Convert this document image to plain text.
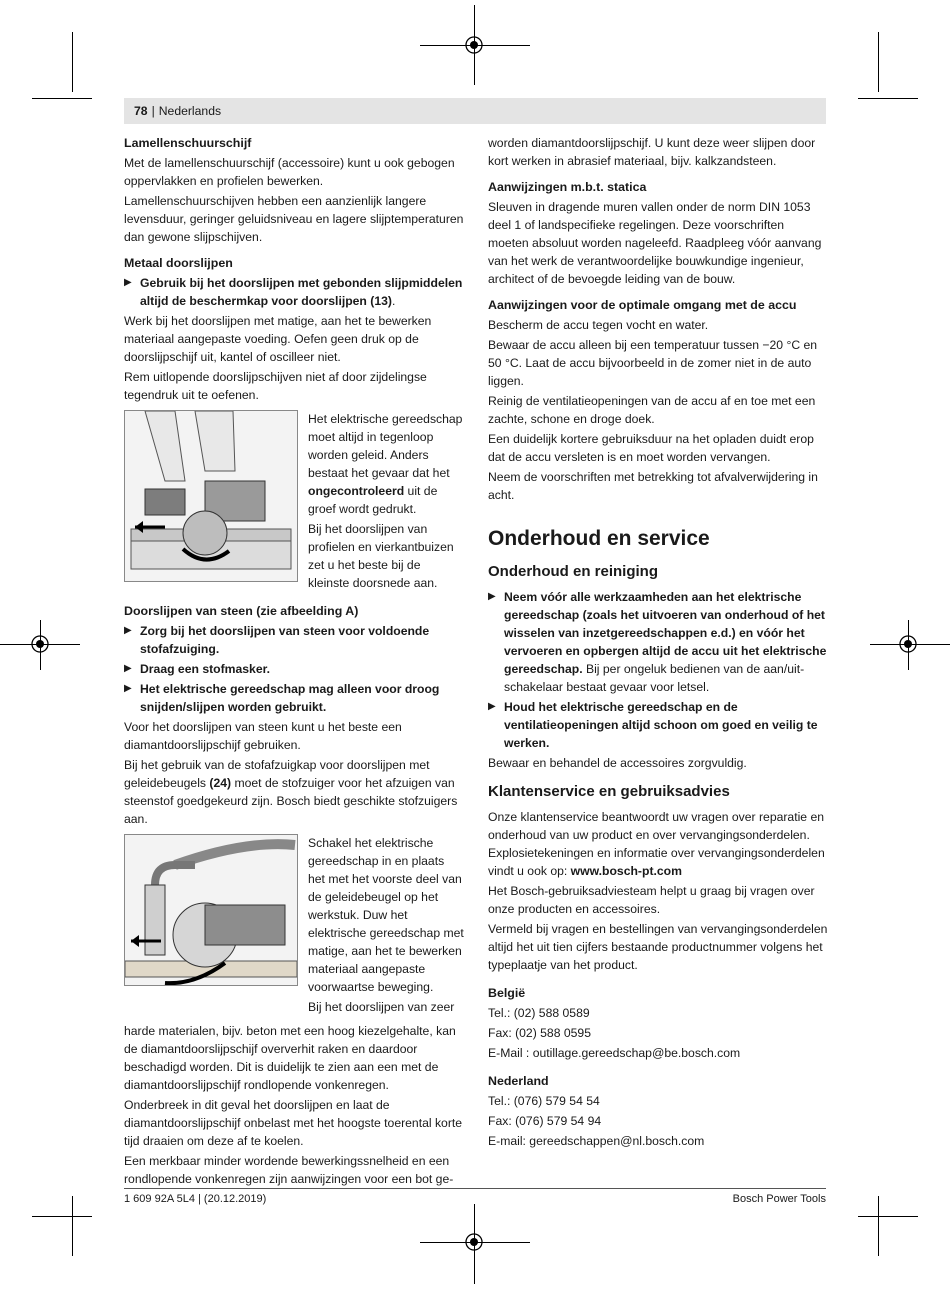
78 | Nederlands
Lamellenschuurschijf

Met de lamellenschuurschijf (accessoire) kunt u ook gebogen oppervlakken en profielen bewerken.

Lamellenschuurschijven hebben een aanzienlijk langere levensduur, geringer geluidsniveau en lagere slijptemperaturen dan gewone slijpschijven.

Metaal doorslijpen
▶ Gebruik bij het doorslijpen met gebonden slijpmiddelen altijd de beschermkap voor doorslijpen (13).

Werk bij het doorslijpen met matige, aan het te bewerken materiaal aangepaste voeding. Oefen geen druk op de doorslijpschijf uit, kantel of oscilleer niet.

Rem uitlopende doorslijpschijven niet af door zijdelingse tegendruk uit te oefenen.

Het elektrische gereedschap moet altijd in tegenloop worden geleid. Anders bestaat het gevaar dat het ongecontroleerd uit de groef wordt gedrukt.

Bij het doorslijpen van profielen en vierkantbuizen zet u het beste bij de kleinste doorsnede aan.

Doorslijpen van steen (zie afbeelding A)
▶ Zorg bij het doorslijpen van steen voor voldoende stofafzuiging.
▶ Draag een stofmasker.
▶ Het elektrische gereedschap mag alleen voor droog snijden/slijpen worden gebruikt.

Voor het doorslijpen van steen kunt u het beste een diamantdoorslijpschijf gebruiken.

Bij het gebruik van de stofafzuigkap voor doorslijpen met geleidebeugels (24) moet de stofzuiger voor het afzuigen van steenstof goedgekeurd zijn. Bosch biedt geschikte stofzuigers aan.

Schakel het elektrische gereedschap in en plaats het met het voorste deel van de geleidebeugel op het werkstuk. Duw het elektrische gereedschap met matige, aan het te bewerken materiaal aangepaste voorwaartse beweging.

Bij het doorslijpen van zeer

harde materialen, bijv. beton met een hoog kiezelgehalte, kan de diamantdoorslijpschijf oververhit raken en daardoor beschadigd worden. Dit is duidelijk te zien aan een met de diamantdoorslijpschijf rondlopende vonkenregen.

Onderbreek in dit geval het doorslijpen en laat de diamantdoorslijpschijf onbelast met het hoogste toerental korte tijd draaien om deze af te koelen.

Een merkbaar minder wordende bewerkingssnelheid en een rondlopende vonkenregen zijn aanwijzingen voor een bot ge-

worden diamantdoorslijpschijf. U kunt deze weer slijpen door kort werken in abrasief materiaal, bijv. kalkzandsteen.

Aanwijzingen m.b.t. statica

Sleuven in dragende muren vallen onder de norm DIN 1053 deel 1 of landspecifieke regelingen. Deze voorschriften moeten absoluut worden nageleefd. Raadpleeg vóór aanvang van het werk de verantwoordelijke bouwkundige ingenieur, architect of de bevoegde leiding van de bouw.

Aanwijzingen voor de optimale omgang met de accu

Bescherm de accu tegen vocht en water.

Bewaar de accu alleen bij een temperatuur tussen −20 °C en 50 °C. Laat de accu bijvoorbeeld in de zomer niet in de auto liggen.

Reinig de ventilatieopeningen van de accu af en toe met een zachte, schone en droge doek.

Een duidelijk kortere gebruiksduur na het opladen duidt erop dat de accu versleten is en moet worden vervangen.

Neem de voorschriften met betrekking tot afvalverwijdering in acht.

Onderhoud en service
Onderhoud en reiniging
▶ Neem vóór alle werkzaamheden aan het elektrische gereedschap (zoals het uitvoeren van onderhoud of het wisselen van inzetgereedschappen e.d.) en vóór het vervoeren en opbergen altijd de accu uit het elektrische gereedschap. Bij per ongeluk bedienen van de aan/uit-schakelaar bestaat gevaar voor letsel.
▶ Houd het elektrische gereedschap en de ventilatieopeningen altijd schoon om goed en veilig te werken.

Bewaar en behandel de accessoires zorgvuldig.

Klantenservice en gebruiksadvies

Onze klantenservice beantwoordt uw vragen over reparatie en onderhoud van uw product en over vervangingsonderdelen. Explosietekeningen en informatie over vervangingsonderdelen vindt u ook op: www.bosch-pt.com

Het Bosch-gebruiksadviesteam helpt u graag bij vragen over onze producten en accessoires.

Vermeld bij vragen en bestellingen van vervangingsonderdelen altijd het uit tien cijfers bestaande productnummer volgens het typeplaatje van het product.

België

Tel.: (02) 588 0589

Fax: (02) 588 0595

E-Mail : outillage.gereedschap@be.bosch.com

Nederland

Tel.: (076) 579 54 54

Fax: (076) 579 54 94

E-mail: gereedschappen@nl.bosch.com

1 609 92A 5L4 | (20.12.2019)	Bosch Power Tools
